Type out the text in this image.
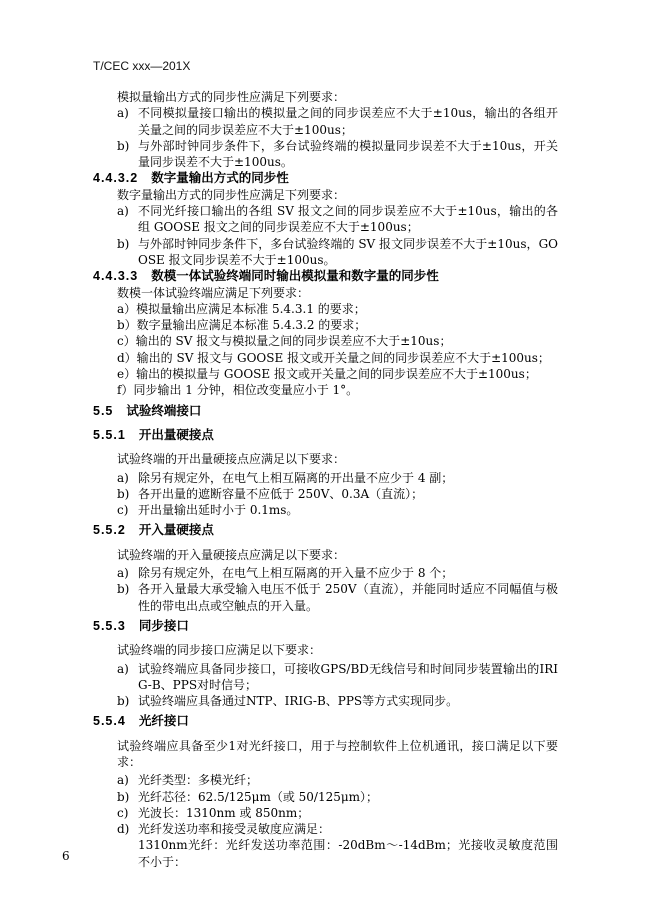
T/CEC xxx—201X

模拟量输出方式的同步性应满足下列要求：

a) 不同模拟量接口输出的模拟量之间的同步误差应不大于±10us，输出的各组开关量之间的同步误差应不大于±100us；
b) 与外部时钟同步条件下，多台试验终端的模拟量同步误差不大于±10us，开关量同步误差不大于±100us。
4.4.3.2 数字量输出方式的同步性

数字量输出方式的同步性应满足下列要求：

a) 不同光纤接口输出的各组 SV 报文之间的同步误差应不大于±10us，输出的各组 GOOSE 报文之间的同步误差应不大于±100us；
b) 与外部时钟同步条件下，多台试验终端的 SV 报文同步误差不大于±10us，GOOSE 报文同步误差不大于±100us。
4.4.3.3 数模一体试验终端同时输出模拟量和数字量的同步性

数模一体试验终端应满足下列要求：

a）模拟量输出应满足本标准 5.4.3.1 的要求；
b）数字量输出应满足本标准 5.4.3.2 的要求；
c）输出的 SV 报文与模拟量之间的同步误差应不大于±10us；
d）输出的 SV 报文与 GOOSE 报文或开关量之间的同步误差应不大于±100us；
e）输出的模拟量与 GOOSE 报文或开关量之间的同步误差应不大于±100us；
f）同步输出 1 分钟，相位改变量应小于 1°。
5.5 试验终端接口
5.5.1 开出量硬接点

试验终端的开出量硬接点应满足以下要求：

a) 除另有规定外，在电气上相互隔离的开出量不应少于 4 副；
b) 各开出量的遮断容量不应低于 250V、0.3A（直流）；
c) 开出量输出延时小于 0.1ms。
5.5.2 开入量硬接点

试验终端的开入量硬接点应满足以下要求：

a) 除另有规定外，在电气上相互隔离的开入量不应少于 8 个；
b) 各开入量最大承受输入电压不低于 250V（直流），并能同时适应不同幅值与极性的带电出点或空触点的开入量。
5.5.3 同步接口

试验终端的同步接口应满足以下要求：

a) 试验终端应具备同步接口，可接收GPS/BD无线信号和时间同步装置输出的IRIG-B、PPS对时信号；
b) 试验终端应具备通过NTP、IRIG-B、PPS等方式实现同步。
5.5.4 光纤接口

试验终端应具备至少1对光纤接口，用于与控制软件上位机通讯，接口满足以下要求：

a) 光纤类型：多模光纤；
b) 光纤芯径：62.5/125μm（或 50/125μm）；
c) 光波长：1310nm 或 850nm；
d) 光纤发送功率和接受灵敏度应满足：
1310nm光纤：光纤发送功率范围：-20dBm～-14dBm；光接收灵敏度范围不小于：
6
